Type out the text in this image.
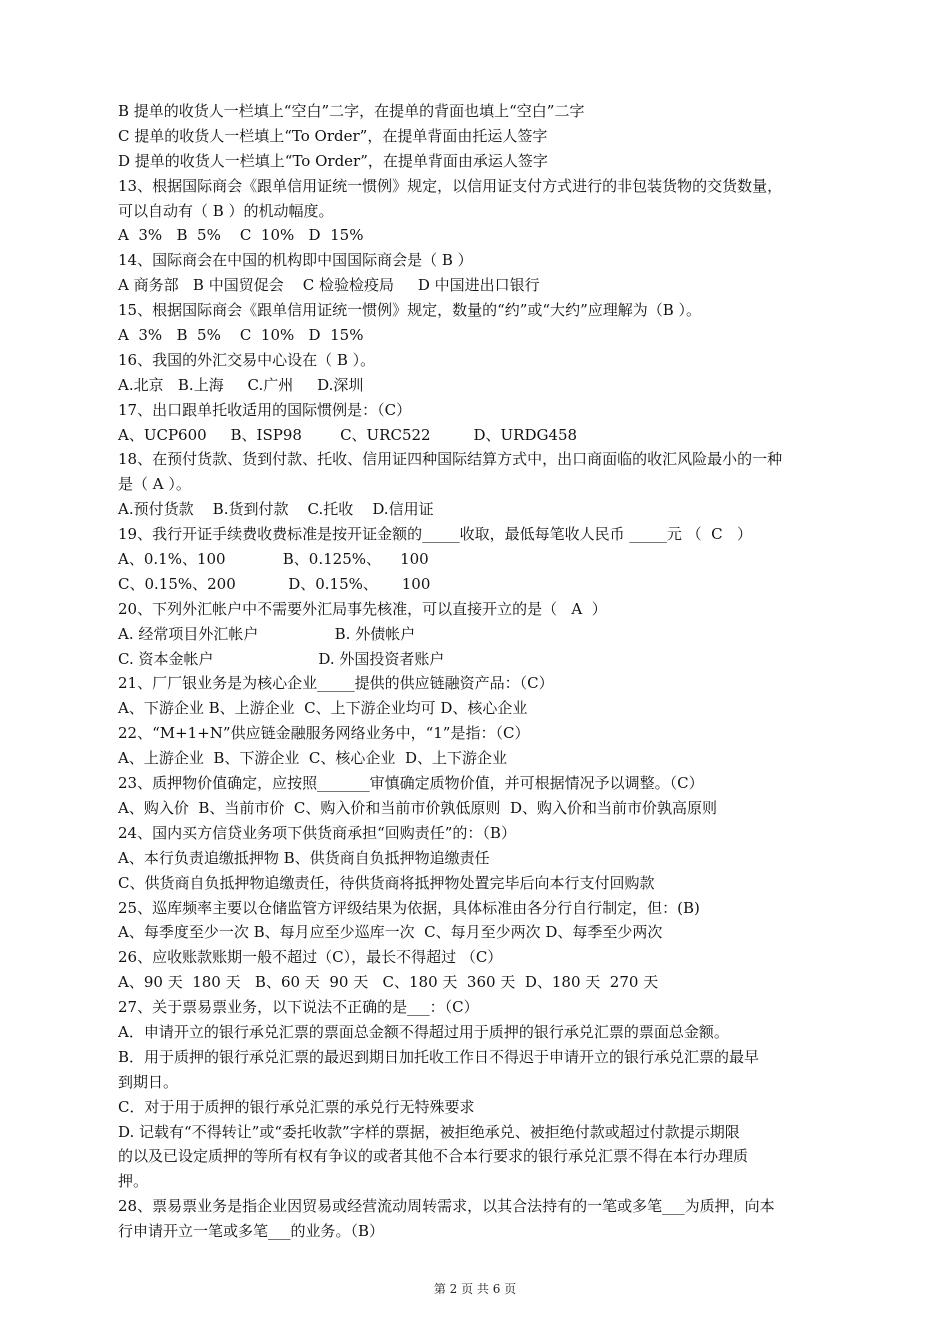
B 提单的收货人一栏填上“空白”二字，在提单的背面也填上“空白”二字
C 提单的收货人一栏填上“To Order”，在提单背面由托运人签字
D 提单的收货人一栏填上“To Order”，在提单背面由承运人签字
13、根据国际商会《跟单信用证统一惯例》规定，以信用证支付方式进行的非包装货物的交货数量，
可以自动有（ B ）的机动幅度。
A  3%   B  5%    C  10%   D  15%
14、国际商会在中国的机构即中国国际商会是（ B ）
A 商务部   B 中国贸促会    C 检验检疫局     D 中国进出口银行
15、根据国际商会《跟单信用证统一惯例》规定，数量的“约”或“大约”应理解为（B ）。
A  3%   B  5%    C  10%   D  15%
16、我国的外汇交易中心设在（ B ）。
A.北京   B.上海     C.广州     D.深圳
17、出口跟单托收适用的国际惯例是：（C）
A、UCP600     B、ISP98        C、URC522         D、URDG458
18、在预付货款、货到付款、托收、信用证四种国际结算方式中，出口商面临的收汇风险最小的一种
是（ A ）。
A.预付货款    B.货到付款    C.托收    D.信用证
19、我行开证手续费收费标准是按开证金额的_____收取，最低每笔收人民币 _____元 （  C   ）
A、0.1%、100            B、0.125%、    100
C、0.15%、200           D、0.15%、     100
20、下列外汇帐户中不需要外汇局事先核准，可以直接开立的是（   A  ）
A. 经常项目外汇帐户                B. 外债帐户
C. 资本金帐户                      D. 外国投资者账户
21、厂厂银业务是为核心企业_____提供的供应链融资产品：（C）
A、下游企业 B、上游企业  C、上下游企业均可 D、核心企业
22、“M+1+N”供应链金融服务网络业务中，“1”是指：（C）
A、上游企业  B、下游企业  C、核心企业  D、上下游企业
23、质押物价值确定，应按照_______审慎确定质物价值，并可根据情况予以调整。（C）
A、购入价  B、当前市价  C、购入价和当前市价孰低原则  D、购入价和当前市价孰高原则
24、国内买方信贷业务项下供货商承担“回购责任”的：（B）
A、本行负责追缴抵押物 B、供货商自负抵押物追缴责任
C、供货商自负抵押物追缴责任，待供货商将抵押物处置完毕后向本行支付回购款
25、巡库频率主要以仓储监管方评级结果为依据，具体标准由各分行自行制定，但：(B)
A、每季度至少一次 B、每月应至少巡库一次  C、每月至少两次 D、每季至少两次
26、应收账款账期一般不超过（C），最长不得超过 （C）
A、90 天  180 天   B、60 天  90 天   C、180 天  360 天  D、180 天  270 天
27、关于票易票业务，以下说法不正确的是___：（C）
A．申请开立的银行承兑汇票的票面总金额不得超过用于质押的银行承兑汇票的票面总金额。
B．用于质押的银行承兑汇票的最迟到期日加托收工作日不得迟于申请开立的银行承兑汇票的最早
到期日。
C．对于用于质押的银行承兑汇票的承兑行无特殊要求
D. 记载有“不得转让”或“委托收款”字样的票据，被拒绝承兑、被拒绝付款或超过付款提示期限
的以及已设定质押的等所有权有争议的或者其他不合本行要求的银行承兑汇票不得在本行办理质
押。
28、票易票业务是指企业因贸易或经营流动周转需求，以其合法持有的一笔或多笔___为质押，向本
行申请开立一笔或多笔___的业务。（B）
第 2 页 共 6 页
